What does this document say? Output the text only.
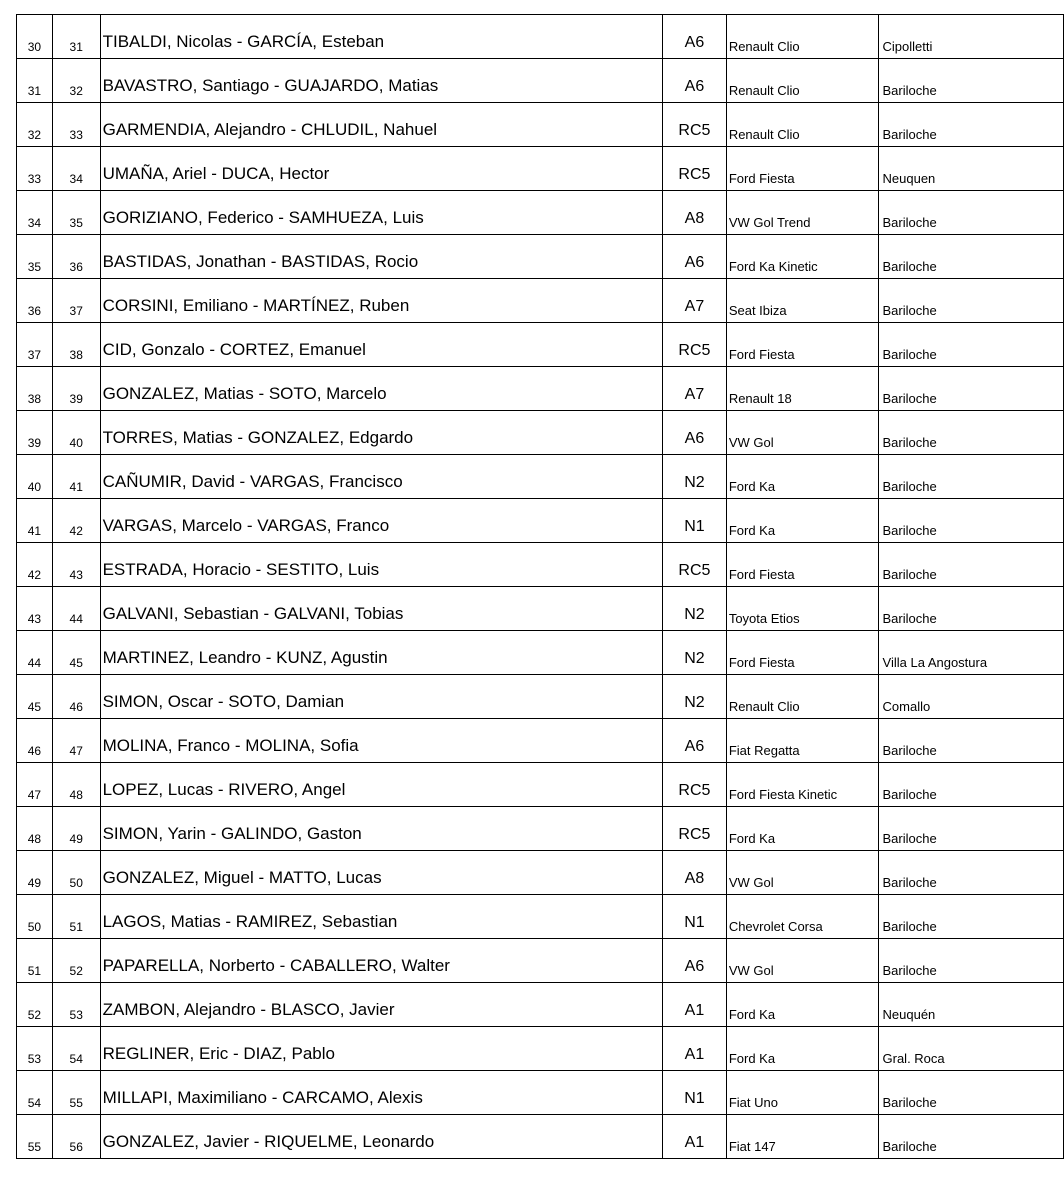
30	31	TIBALDI, Nicolas - GARCÍA, Esteban	A6	Renault Clio	Cipolletti
31	32	BAVASTRO, Santiago - GUAJARDO, Matias	A6	Renault Clio	Bariloche
32	33	GARMENDIA, Alejandro - CHLUDIL, Nahuel	RC5	Renault Clio	Bariloche
33	34	UMAÑA, Ariel - DUCA, Hector	RC5	Ford Fiesta	Neuquen
34	35	GORIZIANO, Federico - SAMHUEZA, Luis	A8	VW Gol Trend	Bariloche
35	36	BASTIDAS, Jonathan - BASTIDAS, Rocio	A6	Ford Ka Kinetic	Bariloche
36	37	CORSINI, Emiliano - MARTÍNEZ, Ruben	A7	Seat Ibiza	Bariloche
37	38	CID, Gonzalo - CORTEZ, Emanuel	RC5	Ford Fiesta	Bariloche
38	39	GONZALEZ, Matias - SOTO, Marcelo	A7	Renault 18	Bariloche
39	40	TORRES, Matias - GONZALEZ, Edgardo	A6	VW Gol	Bariloche
40	41	CAÑUMIR, David - VARGAS, Francisco	N2	Ford Ka	Bariloche
41	42	VARGAS, Marcelo - VARGAS, Franco	N1	Ford Ka	Bariloche
42	43	ESTRADA, Horacio - SESTITO, Luis	RC5	Ford Fiesta	Bariloche
43	44	GALVANI, Sebastian - GALVANI, Tobias	N2	Toyota Etios	Bariloche
44	45	MARTINEZ, Leandro - KUNZ, Agustin	N2	Ford Fiesta	Villa La Angostura
45	46	SIMON, Oscar - SOTO, Damian	N2	Renault Clio	Comallo
46	47	MOLINA, Franco - MOLINA, Sofia	A6	Fiat Regatta	Bariloche
47	48	LOPEZ, Lucas - RIVERO, Angel	RC5	Ford Fiesta Kinetic	Bariloche
48	49	SIMON, Yarin - GALINDO, Gaston	RC5	Ford Ka	Bariloche
49	50	GONZALEZ, Miguel - MATTO, Lucas	A8	VW Gol	Bariloche
50	51	LAGOS, Matias - RAMIREZ, Sebastian	N1	Chevrolet Corsa	Bariloche
51	52	PAPARELLA, Norberto - CABALLERO, Walter	A6	VW Gol	Bariloche
52	53	ZAMBON, Alejandro - BLASCO, Javier	A1	Ford Ka	Neuquén
53	54	REGLINER, Eric - DIAZ, Pablo	A1	Ford Ka	Gral. Roca
54	55	MILLAPI, Maximiliano - CARCAMO, Alexis	N1	Fiat Uno	Bariloche
55	56	GONZALEZ, Javier - RIQUELME, Leonardo	A1	Fiat 147	Bariloche
